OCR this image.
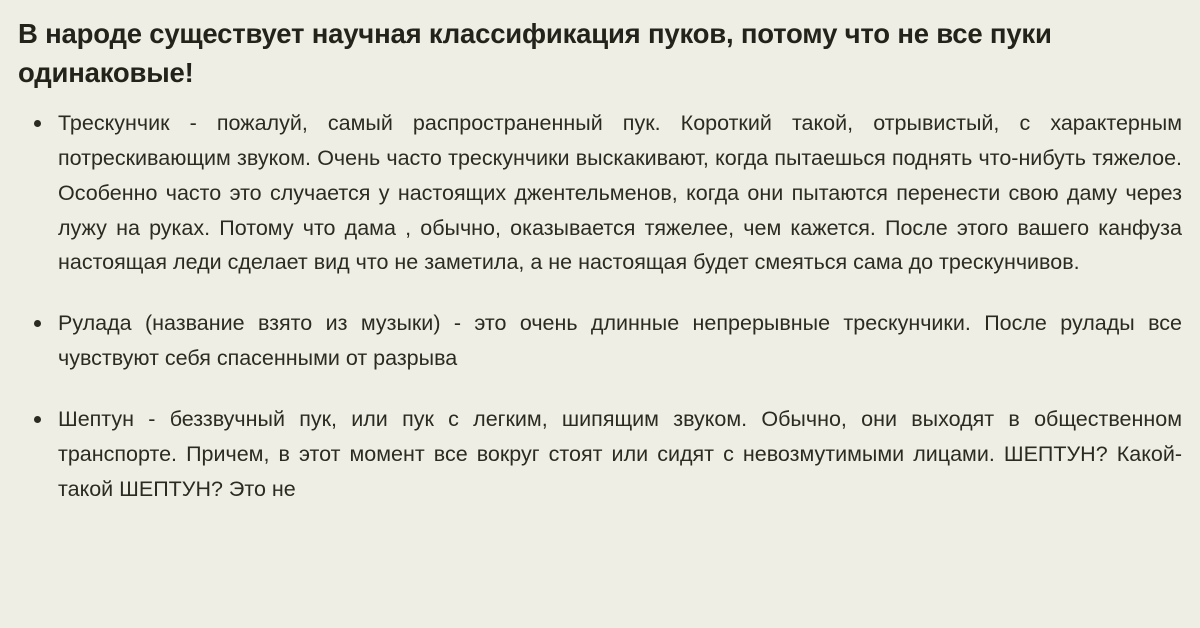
В народе существует научная классификация пуков, потому что не все пуки одинаковые!
Трескунчик - пожалуй, самый распространенный пук. Короткий такой, отрывистый, с характерным потрескивающим звуком. Очень часто трескунчики выскакивают, когда пытаешься поднять что-нибуть тяжелое. Особенно часто это случается у настоящих джентельменов, когда они пытаются перенести свою даму через лужу на руках. Потому что дама , обычно, оказывается тяжелее, чем кажется. После этого вашего канфуза настоящая леди сделает вид что не заметила, а не настоящая будет смеяться сама до трескунчивов.
Рулада (название взято из музыки) - это очень длинные непрерывные трескунчики. После рулады все чувствуют себя спасенными от разрыва
Шептун - беззвучный пук, или пук с легким, шипящим звуком. Обычно, они выходят в общественном транспорте. Причем, в этот момент все вокруг стоят или сидят с невозмутимыми лицами. ШЕПТУН? Какой-такой ШЕПТУН? Это не
